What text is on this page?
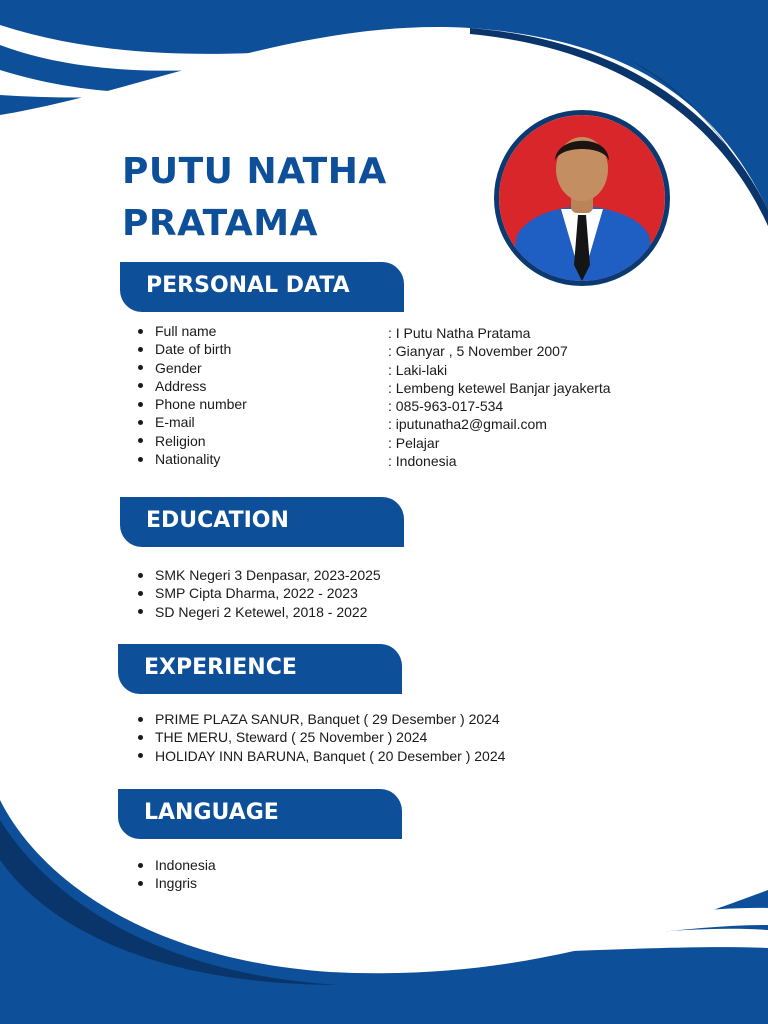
PUTU NATHA
PRATAMA
PERSONAL DATA
Full name
Date of birth
Gender
Address
Phone number
E-mail
Religion
Nationality
: I Putu Natha Pratama
: Gianyar , 5 November 2007
: Laki-laki
: Lembeng ketewel Banjar jayakerta
: 085-963-017-534
: iputunatha2@gmail.com
: Pelajar
: Indonesia
EDUCATION
SMK Negeri 3 Denpasar, 2023-2025
SMP Cipta Dharma, 2022 - 2023
SD Negeri 2 Ketewel, 2018 - 2022
EXPERIENCE
PRIME PLAZA SANUR, Banquet ( 29 Desember ) 2024
THE MERU, Steward ( 25 November ) 2024
HOLIDAY INN BARUNA, Banquet ( 20 Desember ) 2024
LANGUAGE
Indonesia
Inggris
